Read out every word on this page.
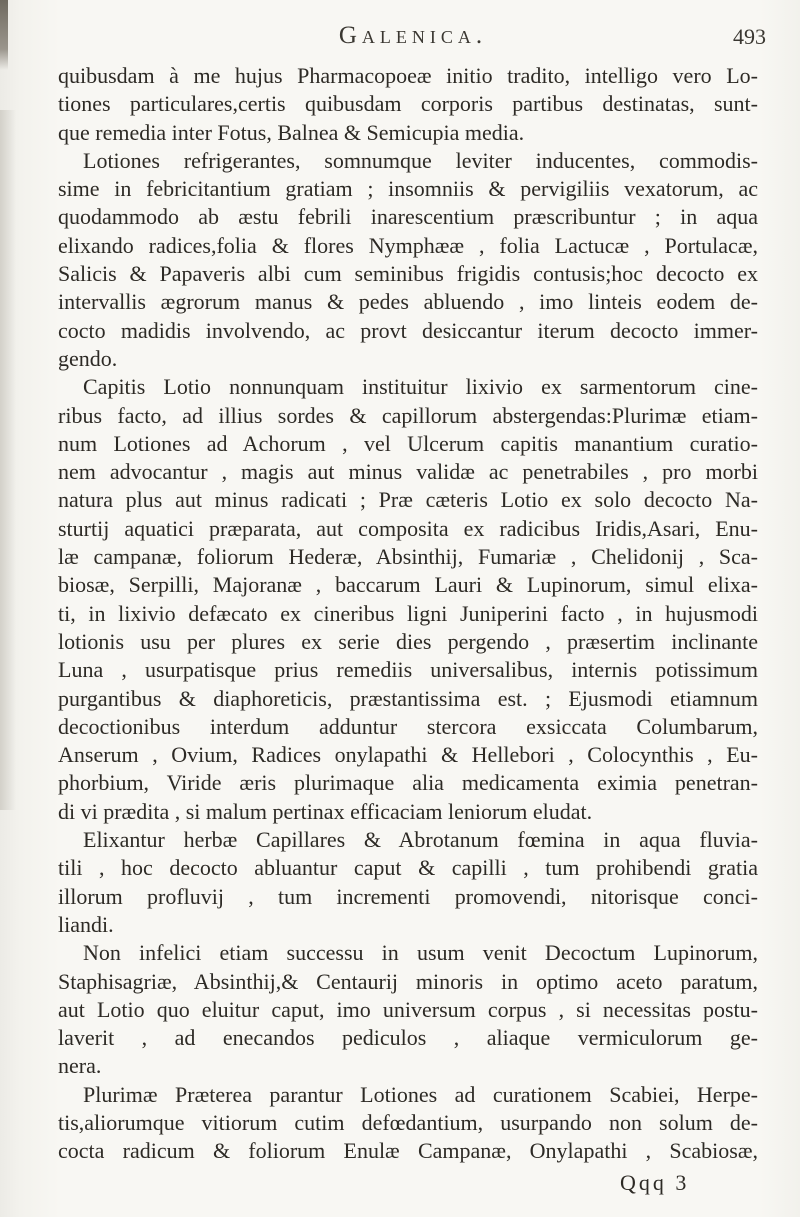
Galenica.	493
quibusdam à me hujus Pharmacopoeæ initio tradito, intelligo vero Lo-
tiones particulares,certis quibusdam corporis partibus destinatas, sunt-
que remedia inter Fotus, Balnea & Semicupia media.
Lotiones refrigerantes, somnumque leviter inducentes, commodis-
sime in febricitantium gratiam ; insomniis & pervigiliis vexatorum, ac
quodammodo ab æstu febrili inarescentium præscribuntur ; in aqua
elixando radices,folia & flores Nymphææ , folia Lactucæ , Portulacæ,
Salicis & Papaveris albi cum seminibus frigidis contusis;hoc decocto ex
intervallis ægrorum manus & pedes abluendo , imo linteis eodem de-
cocto madidis involvendo, ac provt desiccantur iterum decocto immer-
gendo.
Capitis Lotio nonnunquam instituitur lixivio ex sarmentorum cine-
ribus facto, ad illius sordes & capillorum abstergendas:Plurimæ etiam-
num Lotiones ad Achorum , vel Ulcerum capitis manantium curatio-
nem advocantur , magis aut minus validæ ac penetrabiles , pro morbi
natura plus aut minus radicati ; Præ cæteris Lotio ex solo decocto Na-
sturtij aquatici præparata, aut composita ex radicibus Iridis,Asari, Enu-
læ campanæ, foliorum Hederæ, Absinthij, Fumariæ , Chelidonij , Sca-
biosæ, Serpilli, Majoranæ , baccarum Lauri & Lupinorum, simul elixa-
ti, in lixivio defæcato ex cineribus ligni Juniperini facto , in hujusmodi
lotionis usu per plures ex serie dies pergendo , præsertim inclinante
Luna , usurpatisque prius remediis universalibus, internis potissimum
purgantibus & diaphoreticis, præstantissima est. ; Ejusmodi etiamnum
decoctionibus interdum adduntur stercora exsiccata Columbarum,
Anserum , Ovium, Radices onylapathi & Hellebori , Colocynthis , Eu-
phorbium, Viride æris plurimaque alia medicamenta eximia penetran-
di vi prædita , si malum pertinax efficaciam leniorum eludat.
Elixantur herbæ Capillares & Abrotanum fœmina in aqua fluvia-
tili , hoc decocto abluantur caput & capilli , tum prohibendi gratia
illorum profluvij , tum incrementi promovendi, nitorisque conci-
liandi.
Non infelici etiam successu in usum venit Decoctum Lupinorum,
Staphisagriæ, Absinthij,& Centaurij minoris in optimo aceto paratum,
aut Lotio quo eluitur caput, imo universum corpus , si necessitas postu-
laverit , ad enecandos pediculos , aliaque vermiculorum ge-
nera.
Plurimæ Præterea parantur Lotiones ad curationem Scabiei, Herpe-
tis,aliorumque vitiorum cutim defœdantium, usurpando non solum de-
cocta radicum & foliorum Enulæ Campanæ, Onylapathi , Scabiosæ,
Qqq 3
